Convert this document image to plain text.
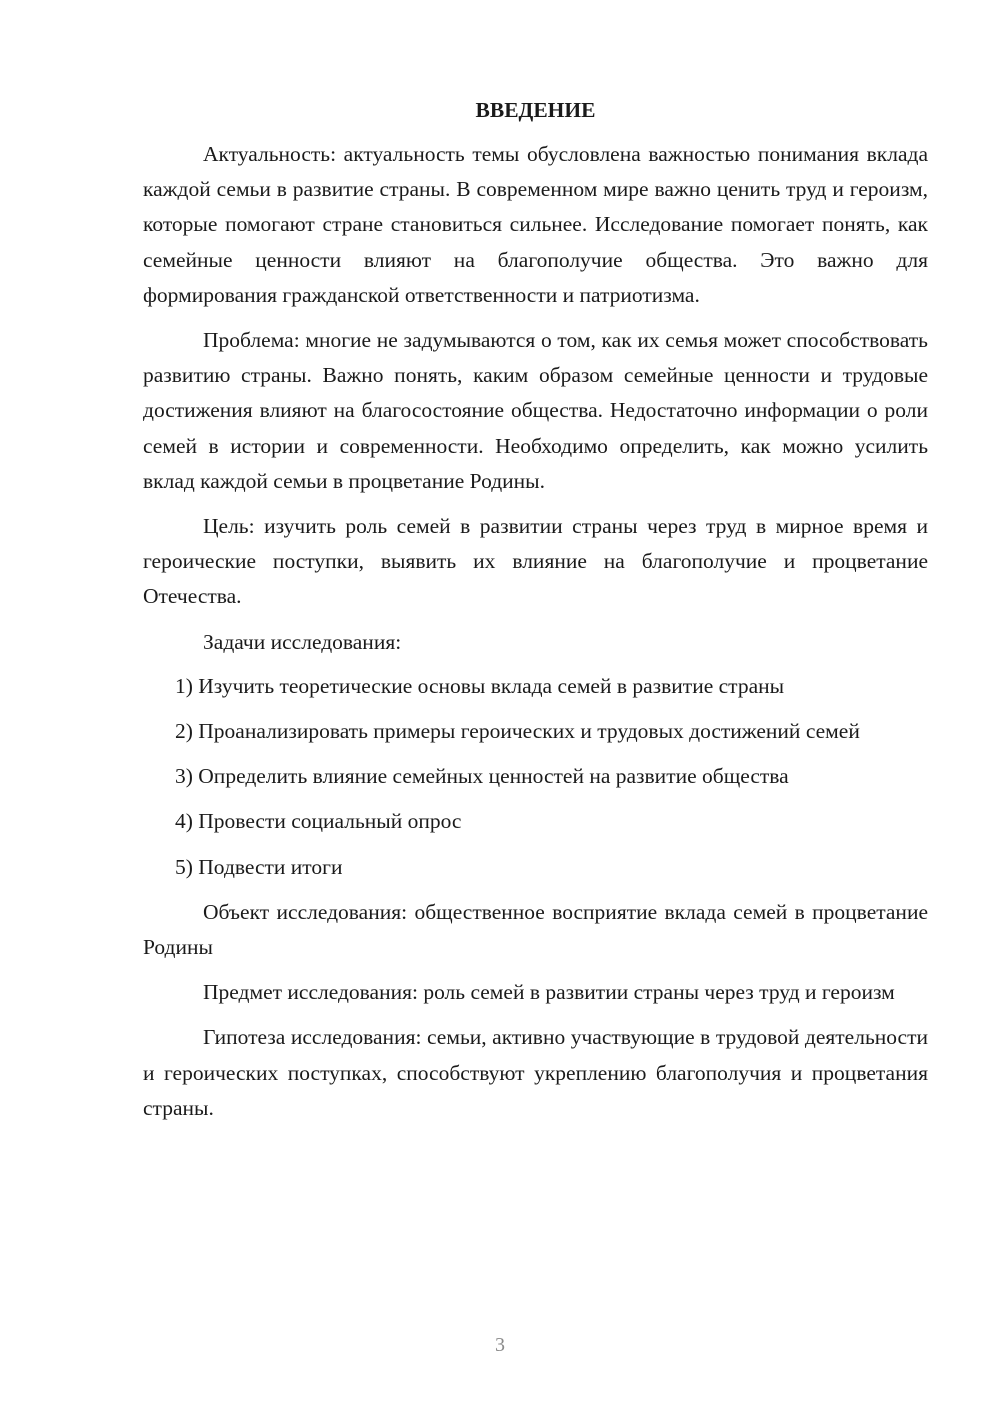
ВВЕДЕНИЕ

Актуальность: актуальность темы обусловлена важностью понимания вклада каждой семьи в развитие страны. В современном мире важно ценить труд и героизм, которые помогают стране становиться сильнее. Исследование помогает понять, как семейные ценности влияют на благополучие общества. Это важно для формирования гражданской ответственности и патриотизма.

Проблема: многие не задумываются о том, как их семья может способствовать развитию страны. Важно понять, каким образом семейные ценности и трудовые достижения влияют на благосостояние общества. Недостаточно информации о роли семей в истории и современности. Необходимо определить, как можно усилить вклад каждой семьи в процветание Родины.

Цель: изучить роль семей в развитии страны через труд в мирное время и героические поступки, выявить их влияние на благополучие и процветание Отечества.

Задачи исследования:

1) Изучить теоретические основы вклада семей в развитие страны

2) Проанализировать примеры героических и трудовых достижений семей

3) Определить влияние семейных ценностей на развитие общества

4) Провести социальный опрос

5) Подвести итоги

Объект исследования: общественное восприятие вклада семей в процветание Родины

Предмет исследования: роль семей в развитии страны через труд и героизм

Гипотеза исследования: семьи, активно участвующие в трудовой деятельности и героических поступках, способствуют укреплению благополучия и процветания страны.

3
